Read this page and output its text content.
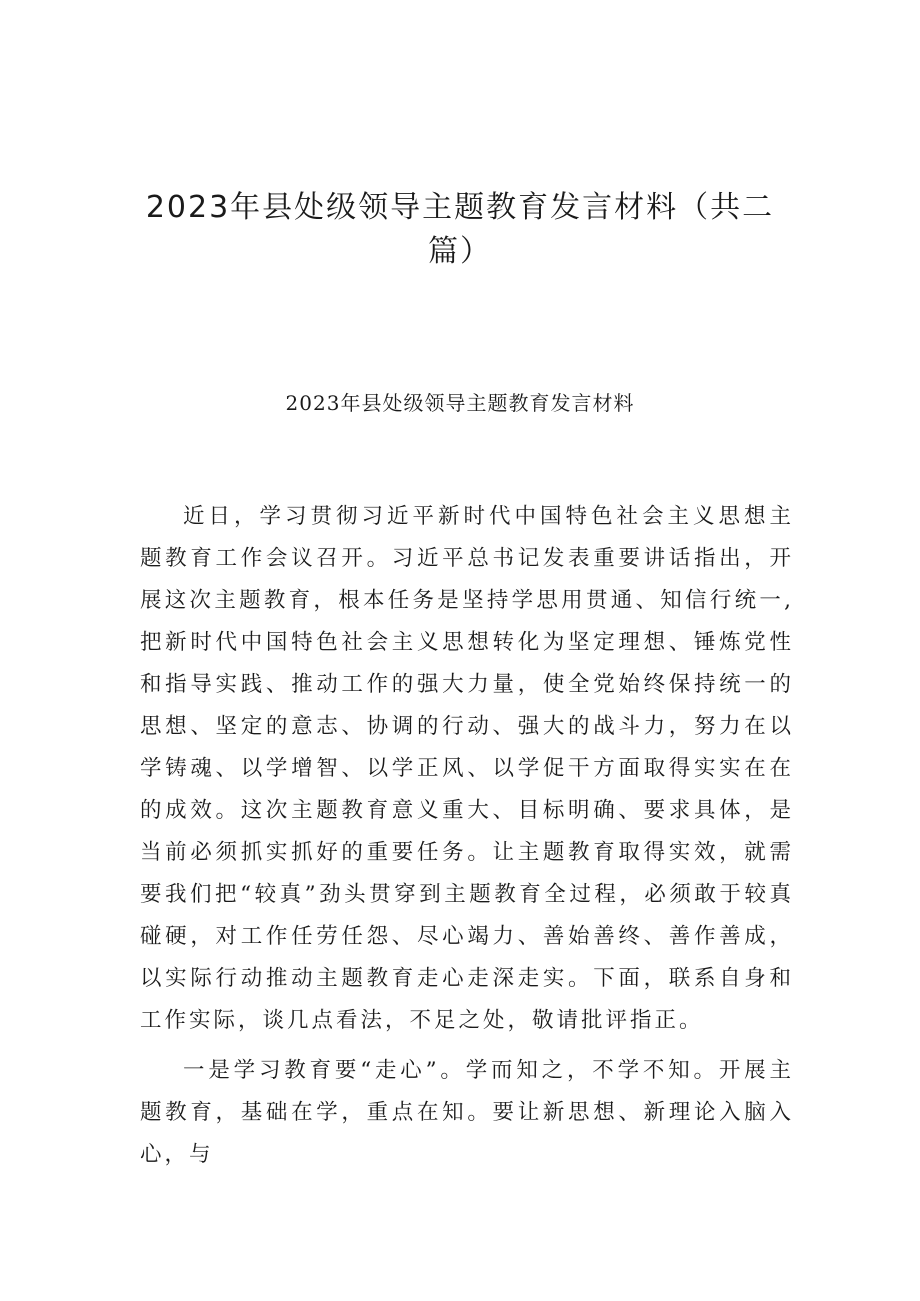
2023年县处级领导主题教育发言材料（共二篇）
2023年县处级领导主题教育发言材料

近日，学习贯彻习近平新时代中国特色社会主义思想主题教育工作会议召开。习近平总书记发表重要讲话指出，开展这次主题教育，根本任务是坚持学思用贯通、知信行统一,把新时代中国特色社会主义思想转化为坚定理想、锤炼党性和指导实践、推动工作的强大力量，使全党始终保持统一的思想、坚定的意志、协调的行动、强大的战斗力，努力在以学铸魂、以学增智、以学正风、以学促干方面取得实实在在的成效。这次主题教育意义重大、目标明确、要求具体，是当前必须抓实抓好的重要任务。让主题教育取得实效，就需要我们把“较真”劲头贯穿到主题教育全过程，必须敢于较真碰硬，对工作任劳任怨、尽心竭力、善始善终、善作善成，以实际行动推动主题教育走心走深走实。下面，联系自身和工作实际，谈几点看法，不足之处，敬请批评指正。

一是学习教育要“走心”。学而知之，不学不知。开展主题教育，基础在学，重点在知。要让新思想、新理论入脑入心，与
